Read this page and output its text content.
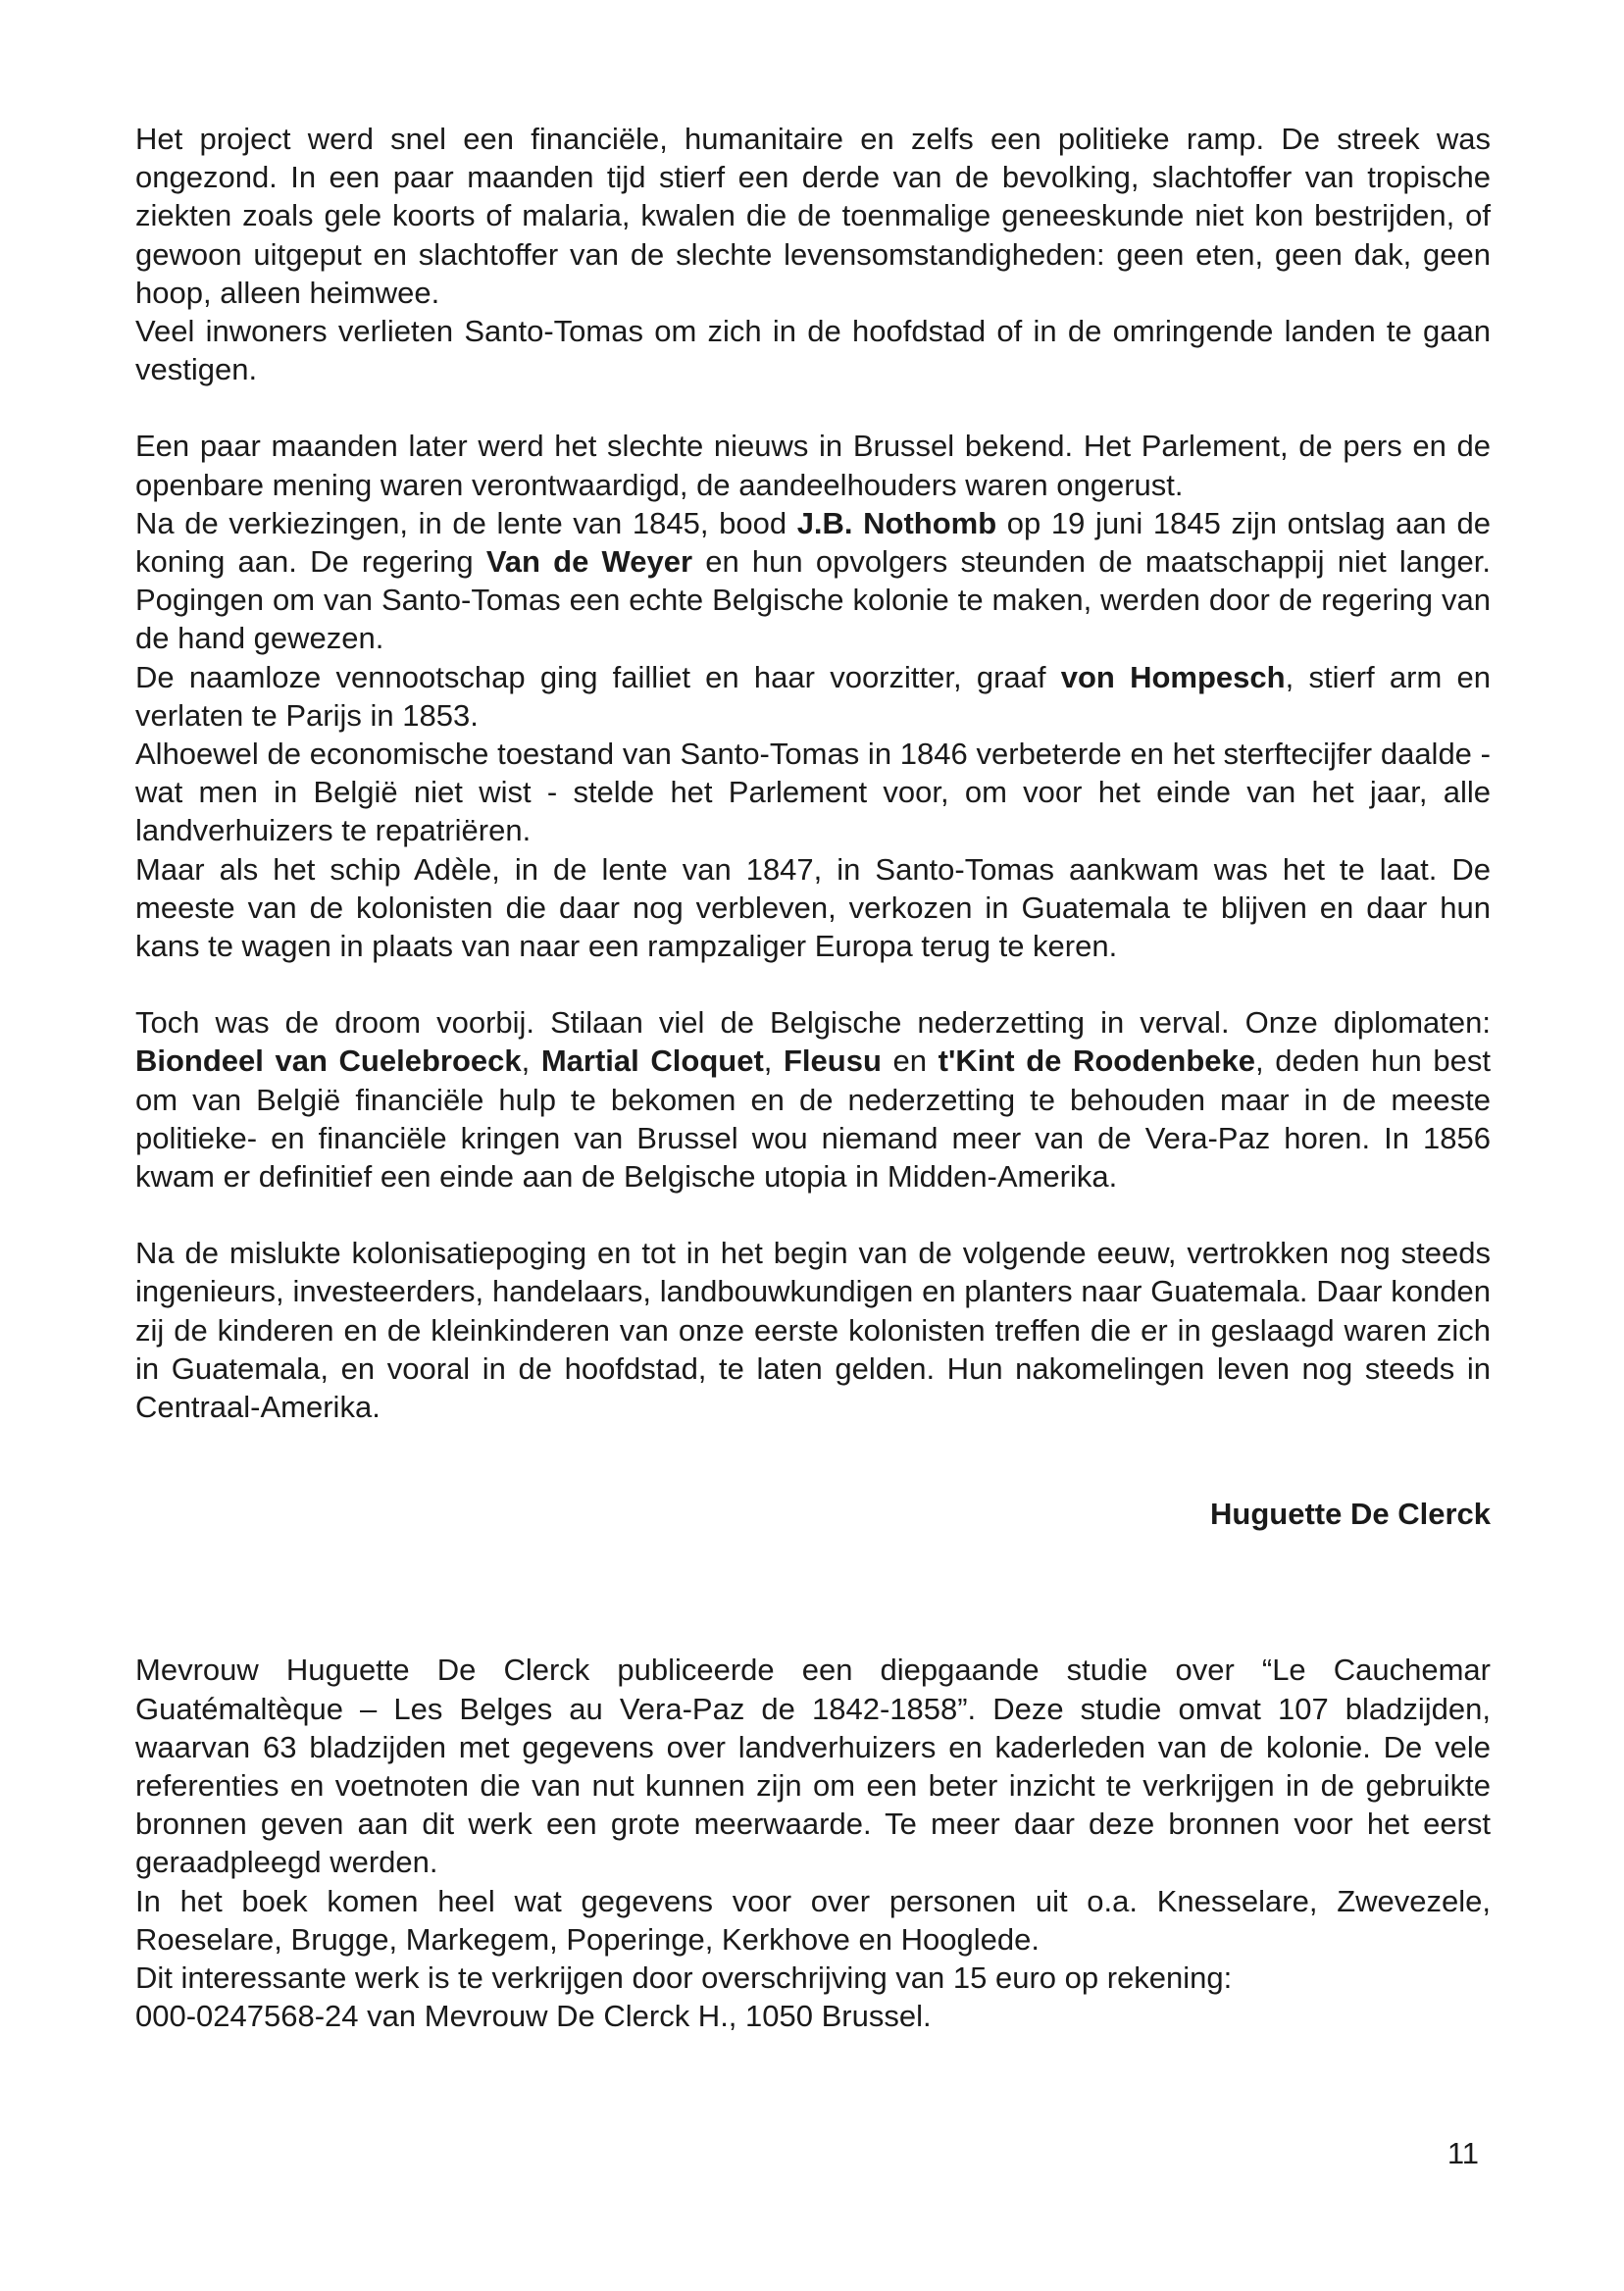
Het project werd snel een financiële, humanitaire en zelfs een politieke ramp. De streek was ongezond. In een paar maanden tijd stierf een derde van de bevolking, slachtoffer van tropische ziekten zoals gele koorts of malaria, kwalen die de toenmalige geneeskunde niet kon bestrijden, of gewoon uitgeput en slachtoffer van de slechte levensomstandigheden: geen eten, geen dak, geen hoop, alleen heimwee.
Veel inwoners verlieten Santo-Tomas om zich in de hoofdstad of in de omringende landen te gaan vestigen.

Een paar maanden later werd het slechte nieuws in Brussel bekend. Het Parlement, de pers en de openbare mening waren verontwaardigd, de aandeelhouders waren ongerust.
Na de verkiezingen, in de lente van 1845, bood J.B. Nothomb op 19 juni 1845 zijn ontslag aan de koning aan. De regering Van de Weyer en hun opvolgers steunden de maatschappij niet langer. Pogingen om van Santo-Tomas een echte Belgische kolonie te maken, werden door de regering van de hand gewezen.
De naamloze vennootschap ging failliet en haar voorzitter, graaf von Hompesch, stierf arm en verlaten te Parijs in 1853.
Alhoewel de economische toestand van Santo-Tomas in 1846 verbeterde en het sterftecijfer daalde - wat men in België niet wist - stelde het Parlement voor, om voor het einde van het jaar, alle landverhuizers te repatriëren.
Maar als het schip Adèle, in de lente van 1847, in Santo-Tomas aankwam was het te laat. De meeste van de kolonisten die daar nog verbleven, verkozen in Guatemala te blijven en daar hun kans te wagen in plaats van naar een rampzaliger Europa terug te keren.

Toch was de droom voorbij. Stilaan viel de Belgische nederzetting in verval. Onze diplomaten: Biondeel van Cuelebroeck, Martial Cloquet, Fleusu en t'Kint de Roodenbeke, deden hun best om van België financiële hulp te bekomen en de nederzetting te behouden maar in de meeste politieke- en financiële kringen van Brussel wou niemand meer van de Vera-Paz horen. In 1856 kwam er definitief een einde aan de Belgische utopia in Midden-Amerika.

Na de mislukte kolonisatiepoging en tot in het begin van de volgende eeuw, vertrokken nog steeds ingenieurs, investeerders, handelaars, landbouwkundigen en planters naar Guatemala. Daar konden zij de kinderen en de kleinkinderen van onze eerste kolonisten treffen die er in geslaagd waren zich in Guatemala, en vooral in de hoofdstad, te laten gelden. Hun nakomelingen leven nog steeds in Centraal-Amerika.

Huguette De Clerck

Mevrouw Huguette De Clerck publiceerde een diepgaande studie over “Le Cauchemar Guatémaltèque – Les Belges au Vera-Paz de 1842-1858”. Deze studie omvat 107 bladzijden, waarvan 63 bladzijden met gegevens over landverhuizers en kaderleden van de kolonie. De vele referenties en voetnoten die van nut kunnen zijn om een beter inzicht te verkrijgen in de gebruikte bronnen geven aan dit werk een grote meerwaarde. Te meer daar deze bronnen voor het eerst geraadpleegd werden.
In het boek komen heel wat gegevens voor over personen uit o.a. Knesselare, Zwevezele, Roeselare, Brugge, Markegem, Poperinge, Kerkhove en Hooglede.
Dit interessante werk is te verkrijgen door overschrijving van 15 euro op rekening:
000-0247568-24 van Mevrouw De Clerck H., 1050 Brussel.

11
